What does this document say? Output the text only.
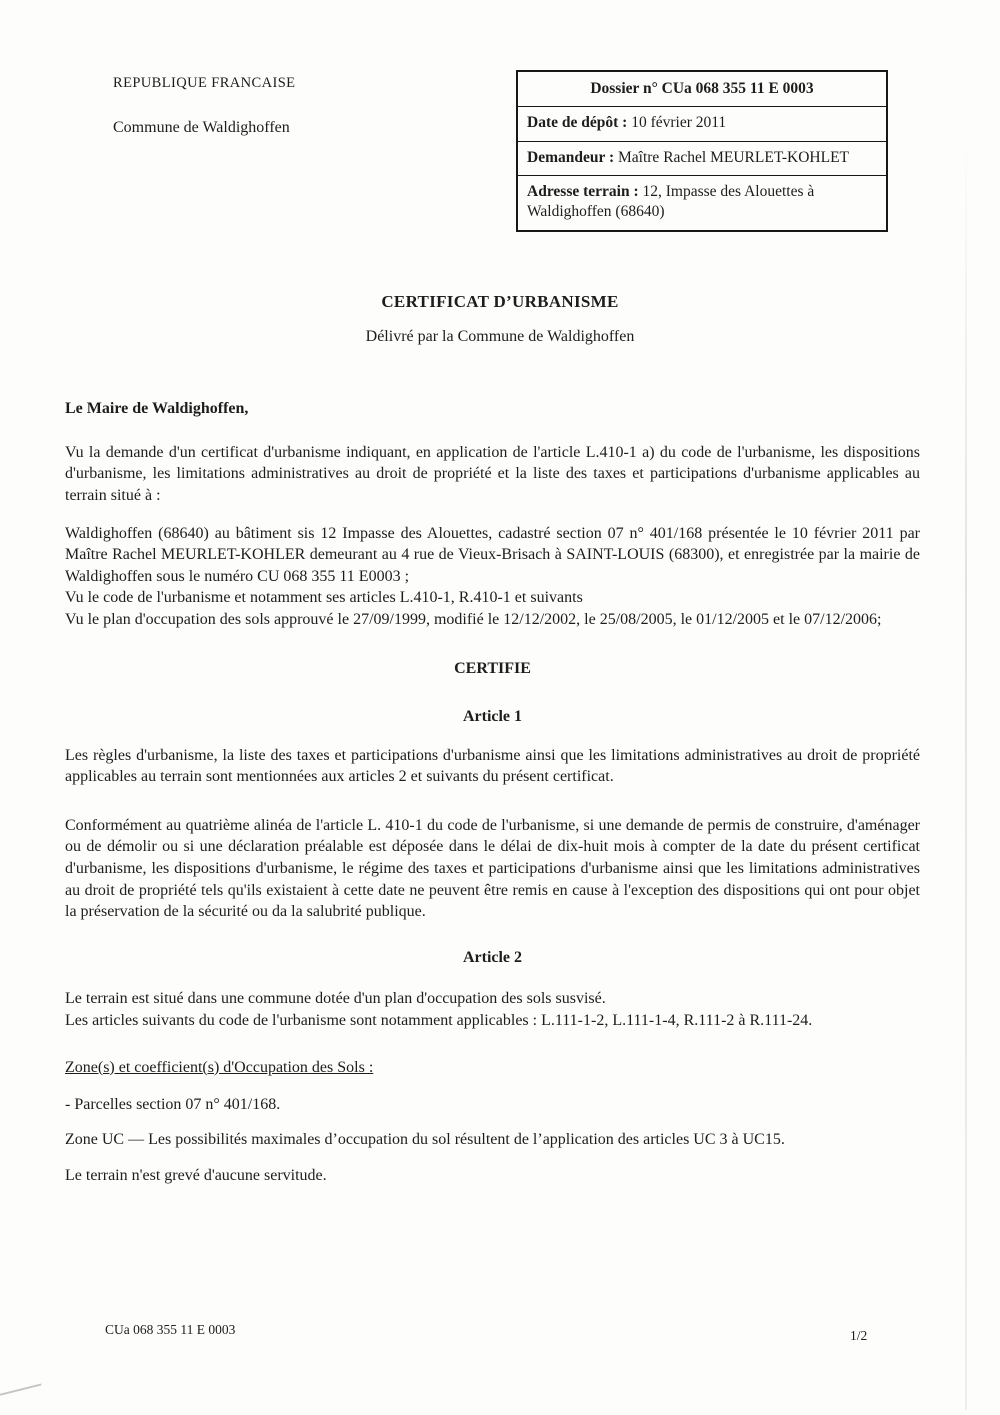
REPUBLIQUE FRANCAISE
Commune de Waldighoffen
Dossier n° CUa 068 355 11 E 0003
Date de dépôt : 10 février 2011
Demandeur : Maître Rachel MEURLET-KOHLET
Adresse terrain : 12, Impasse des Alouettes à Waldighoffen (68640)
CERTIFICAT D’URBANISME
Délivré par la Commune de Waldighoffen

Le Maire de Waldighoffen,

Vu la demande d'un certificat d'urbanisme indiquant, en application de l'article L.410-1 a) du code de l'urbanisme, les dispositions d'urbanisme, les limitations administratives au droit de propriété et la liste des taxes et participations d'urbanisme applicables au terrain situé à :

Waldighoffen (68640) au bâtiment sis 12 Impasse des Alouettes, cadastré section 07 n° 401/168 présentée le 10 février 2011 par Maître Rachel MEURLET-KOHLER demeurant au 4 rue de Vieux-Brisach à SAINT-LOUIS (68300), et enregistrée par la mairie de Waldighoffen sous le numéro CU 068 355 11 E0003 ;

Vu le code de l'urbanisme et notamment ses articles L.410-1, R.410-1 et suivants

Vu le plan d'occupation des sols approuvé le 27/09/1999, modifié le 12/12/2002, le 25/08/2005, le 01/12/2005 et le 07/12/2006;

CERTIFIE

Article 1

Les règles d'urbanisme, la liste des taxes et participations d'urbanisme ainsi que les limitations administratives au droit de propriété applicables au terrain sont mentionnées aux articles 2 et suivants du présent certificat.

Conformément au quatrième alinéa de l'article L. 410-1 du code de l'urbanisme, si une demande de permis de construire, d'aménager ou de démolir ou si une déclaration préalable est déposée dans le délai de dix-huit mois à compter de la date du présent certificat d'urbanisme, les dispositions d'urbanisme, le régime des taxes et participations d'urbanisme ainsi que les limitations administratives au droit de propriété tels qu'ils existaient à cette date ne peuvent être remis en cause à l'exception des dispositions qui ont pour objet la préservation de la sécurité ou da la salubrité publique.

Article 2

Le terrain est situé dans une commune dotée d'un plan d'occupation des sols susvisé.

Les articles suivants du code de l'urbanisme sont notamment applicables : L.111-1-2, L.111-1-4, R.111-2 à R.111-24.

Zone(s) et coefficient(s) d'Occupation des Sols :

- Parcelles section 07 n° 401/168.

Zone UC — Les possibilités maximales d’occupation du sol résultent de l’application des articles UC 3 à UC15.

Le terrain n'est grevé d'aucune servitude.

CUa 068 355 11 E 0003	1/2
